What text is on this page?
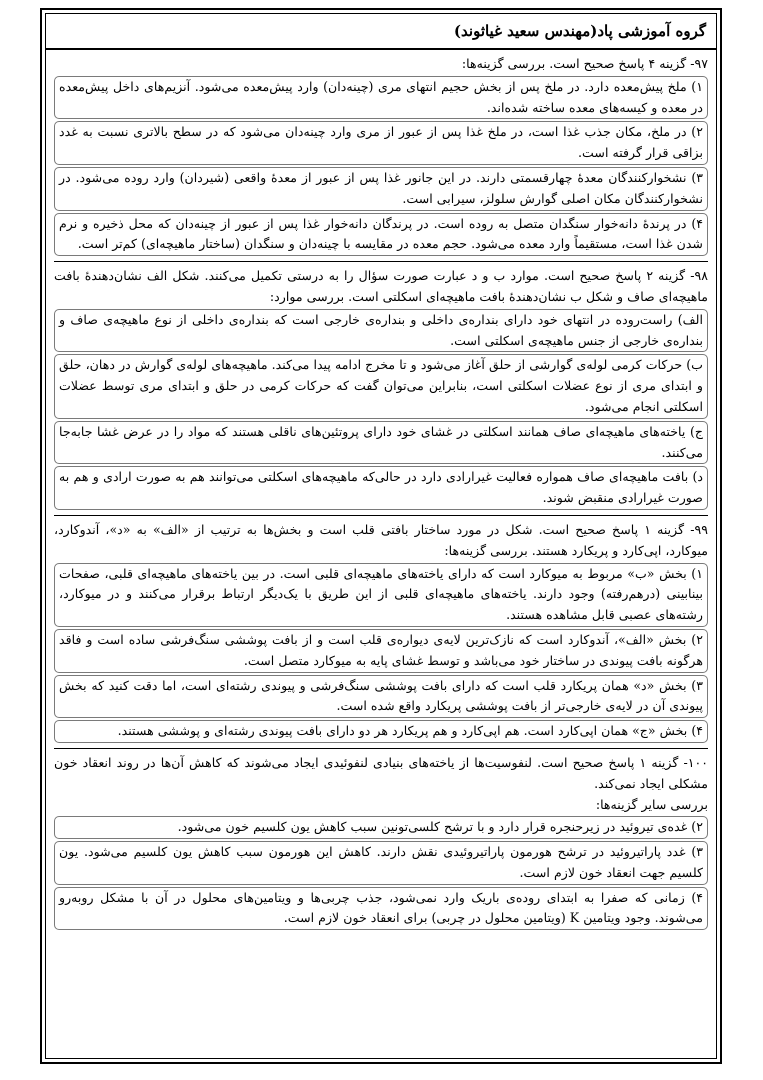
گروه آموزشی پاد(مهندس سعید غیاثوند)

۹۷- گزینه ۴ پاسخ صحیح است. بررسی گزینه‌ها:

۱) ملخ پیش‌معده دارد. در ملخ پس از بخش حجیم انتهای مری (چینه‌دان) وارد پیش‌معده می‌شود. آنزیم‌های داخل پیش‌معده در معده و کیسه‌های معده ساخته شده‌اند.
۲) در ملخ، مکان جذب غذا است، در ملخ غذا پس از عبور از مری وارد چینه‌دان می‌شود که در سطح بالاتری نسبت به غدد بزاقی قرار گرفته است.
۳) نشخوارکنندگان معدهٔ چهارقسمتی دارند. در این جانور غذا پس از عبور از معدهٔ واقعی (شیردان) وارد روده می‌شود. در نشخوارکنندگان مکان اصلی گوارش سلولز، سیرابی است.
۴) در پرندهٔ دانه‌خوار سنگدان متصل به روده است. در پرندگان دانه‌خوار غذا پس از عبور از چینه‌دان که محل ذخیره و نرم شدن غذا است، مستقیماً وارد معده می‌شود. حجم معده در مقایسه با چینه‌دان و سنگدان (ساختار ماهیچه‌ای) کم‌تر است.

۹۸- گزینه ۲ پاسخ صحیح است. موارد ب و د عبارت صورت سؤال را به درستی تکمیل می‌کنند. شکل الف نشان‌دهندهٔ بافت ماهیچه‌ای صاف و شکل ب نشان‌دهندهٔ بافت ماهیچه‌ای اسکلتی است. بررسی موارد:

الف) راست‌روده در انتهای خود دارای بنداره‌ی داخلی و بنداره‌ی خارجی است که بنداره‌ی داخلی از نوع ماهیچه‌ی صاف و بنداره‌ی خارجی از جنس ماهیچه‌ی اسکلتی است.
ب) حرکات کرمی لوله‌ی گوارشی از حلق آغاز می‌شود و تا مخرج ادامه پیدا می‌کند. ماهیچه‌های لوله‌ی گوارش در دهان، حلق و ابتدای مری از نوع عضلات اسکلتی است، بنابراین می‌توان گفت که حرکات کرمی در حلق و ابتدای مری توسط عضلات اسکلتی انجام می‌شود.
ج) یاخته‌های ماهیچه‌ای صاف همانند اسکلتی در غشای خود دارای پروتئین‌های ناقلی هستند که مواد را در عرض غشا جابه‌جا می‌کنند.
د) بافت ماهیچه‌ای صاف همواره فعالیت غیرارادی دارد در حالی‌که ماهیچه‌های اسکلتی می‌توانند هم به صورت ارادی و هم به صورت غیرارادی منقبض شوند.

۹۹- گزینه ۱ پاسخ صحیح است. شکل در مورد ساختار بافتی قلب است و بخش‌ها به ترتیب از «الف» به «د»، آندوکارد، میوکارد، اپی‌کارد و پریکارد هستند. بررسی گزینه‌ها:

۱) بخش «ب» مربوط به میوکارد است که دارای یاخته‌های ماهیچه‌ای قلبی است. در بین یاخته‌های ماهیچه‌ای قلبی، صفحات بینابینی (درهم‌رفته) وجود دارند. یاخته‌های ماهیچه‌ای قلبی از این طریق با یک‌دیگر ارتباط برقرار می‌کنند و در میوکارد، رشته‌های عصبی قابل مشاهده هستند.
۲) بخش «الف»، آندوکارد است که نازک‌ترین لایه‌ی دیواره‌ی قلب است و از بافت پوششی سنگ‌فرشی ساده است و فاقد هرگونه بافت پیوندی در ساختار خود می‌باشد و توسط غشای پایه به میوکارد متصل است.
۳) بخش «د» همان پریکارد قلب است که دارای بافت پوششی سنگ‌فرشی و پیوندی رشته‌ای است، اما دقت کنید که بخش پیوندی آن در لایه‌ی خارجی‌تر از بافت پوششی پریکارد واقع شده است.
۴) بخش «ج» همان اپی‌کارد است. هم اپی‌کارد و هم پریکارد هر دو دارای بافت پیوندی رشته‌ای و پوششی هستند.

۱۰۰- گزینه ۱ پاسخ صحیح است. لنفوسیت‌ها از یاخته‌های بنیادی لنفوئیدی ایجاد می‌شوند که کاهش آن‌ها در روند انعقاد خون مشکلی ایجاد نمی‌کند.

بررسی سایر گزینه‌ها:

۲) غده‌ی تیروئید در زیرحنجره قرار دارد و با ترشح کلسی‌تونین سبب کاهش یون کلسیم خون می‌شود.
۳) غدد پاراتیروئید در ترشح هورمون پاراتیروئیدی نقش دارند. کاهش این هورمون سبب کاهش یون کلسیم می‌شود. یون کلسیم جهت انعقاد خون لازم است.
۴) زمانی که صفرا به ابتدای روده‌ی باریک وارد نمی‌شود، جذب چربی‌ها و ویتامین‌های محلول در آن با مشکل روبه‌رو می‌شوند. وجود ویتامین K (ویتامین محلول در چربی) برای انعقاد خون لازم است.
